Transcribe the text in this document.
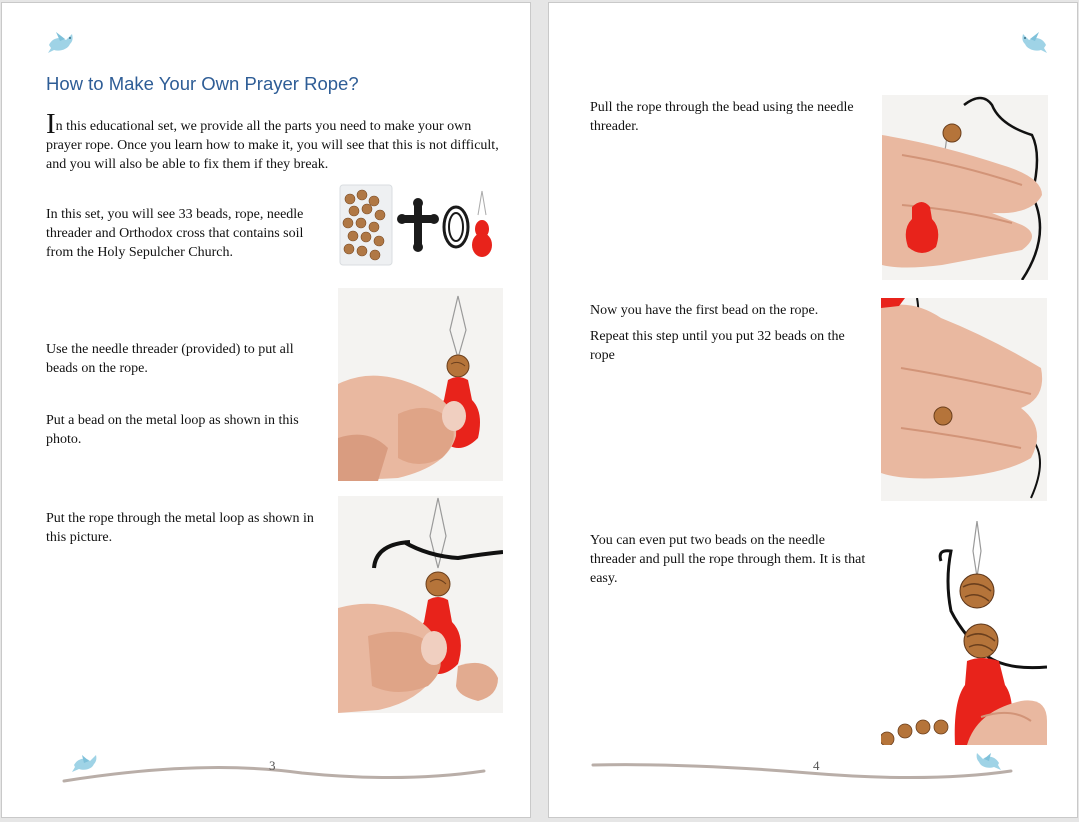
How to Make Your Own Prayer Rope?
In this educational set, we provide all the parts you need to make your own prayer rope. Once you learn how to make it, you will see that this is not difficult, and you will also be able to fix them if they break.
In this set, you will see 33 beads, rope, needle threader and Orthodox cross that contains soil from the Holy Sepulcher Church.
Use the needle threader (provided) to put all beads on the rope.
Put a bead on the metal loop as shown in this photo.
Put the rope through the metal loop as shown in this picture.
3
Pull the rope through the bead using the needle threader.

Now you have the first bead on the rope.

Repeat this step until you put 32 beads on the rope

You can even put two beads on the needle threader and pull the rope through them. It is that easy.
4
